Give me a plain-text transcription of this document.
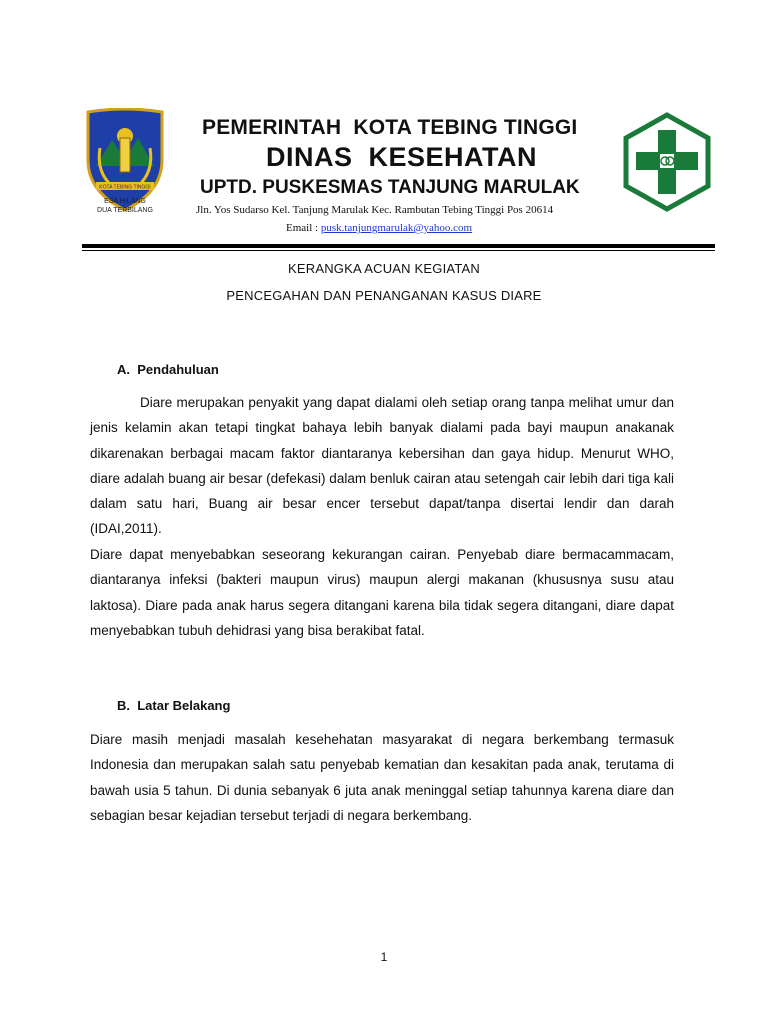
KOTA TEBING TINGGI
ESA HILANG
DUA TERBILANG
PEMERINTAH  KOTA TEBING TINGGI
DINAS  KESEHATAN
UPTD. PUSKESMAS TANJUNG MARULAK
Jln. Yos Sudarso Kel. Tanjung Marulak Kec. Rambutan Tebing Tinggi Pos 20614
Email : pusk.tanjungmarulak@yahoo.com
KERANGKA ACUAN KEGIATAN
PENCEGAHAN DAN PENANGANAN KASUS DIARE
A.  Pendahuluan
Diare merupakan penyakit yang dapat dialami oleh setiap orang tanpa melihat umur dan jenis kelamin akan tetapi tingkat bahaya lebih banyak dialami pada bayi maupun anakanak dikarenakan berbagai macam faktor diantaranya kebersihan dan gaya hidup. Menurut WHO, diare adalah buang air besar (defekasi) dalam benluk cairan atau setengah cair lebih dari tiga kali dalam satu hari, Buang air besar encer tersebut dapat/tanpa disertai lendir dan darah (IDAI,2011).
Diare dapat menyebabkan seseorang kekurangan cairan. Penyebab diare bermacammacam, diantaranya infeksi (bakteri maupun virus) maupun alergi makanan (khususnya susu atau laktosa). Diare pada anak harus segera ditangani karena bila tidak segera ditangani, diare dapat menyebabkan tubuh dehidrasi yang bisa berakibat fatal.
B.  Latar Belakang
Diare masih menjadi masalah kesehehatan masyarakat di negara berkembang termasuk Indonesia dan merupakan salah satu penyebab kematian dan kesakitan pada anak, terutama di bawah usia 5 tahun. Di dunia sebanyak 6 juta anak meninggal setiap tahunnya karena diare dan sebagian besar kejadian tersebut terjadi di negara berkembang.
1
